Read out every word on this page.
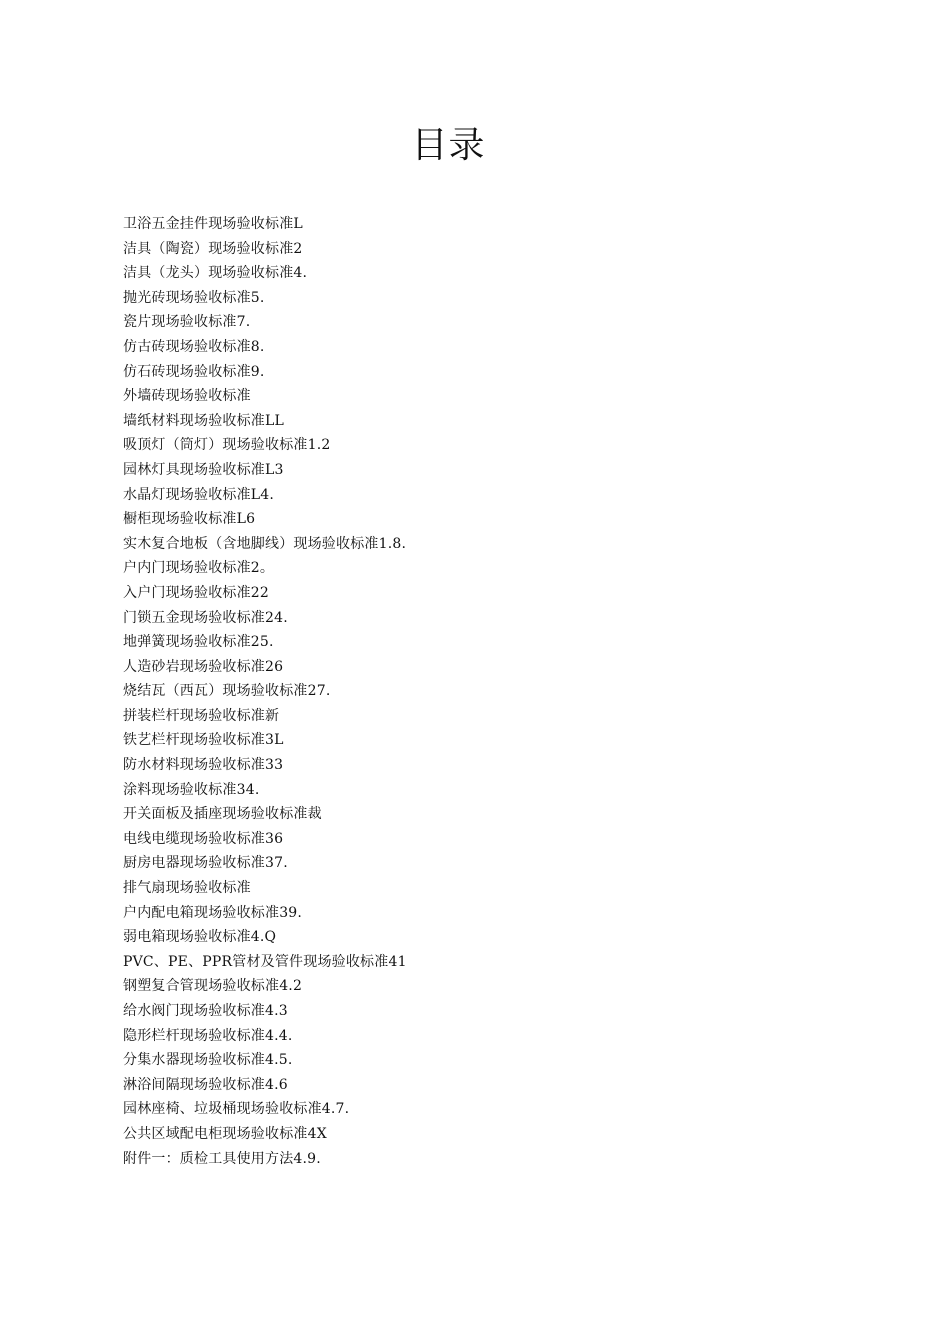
目录
卫浴五金挂件现场验收标准L
洁具（陶瓷）现场验收标准2
洁具（龙头）现场验收标准4.
抛光砖现场验收标准5.
瓷片现场验收标准7.
仿古砖现场验收标准8.
仿石砖现场验收标准9.
外墙砖现场验收标准
墙纸材料现场验收标准LL
吸顶灯（筒灯）现场验收标准1.2
园林灯具现场验收标准L3
水晶灯现场验收标准L4.
橱柜现场验收标准L6
实木复合地板（含地脚线）现场验收标准1.8.
户内门现场验收标准2。
入户门现场验收标准22
门锁五金现场验收标准24.
地弹簧现场验收标准25.
人造砂岩现场验收标准26
烧结瓦（西瓦）现场验收标准27.
拼装栏杆现场验收标准新
铁艺栏杆现场验收标准3L
防水材料现场验收标准33
涂料现场验收标准34.
开关面板及插座现场验收标准裁
电线电缆现场验收标准36
厨房电器现场验收标准37.
排气扇现场验收标准
户内配电箱现场验收标准39.
弱电箱现场验收标准4.Q
PVC、PE、PPR管材及管件现场验收标准41
钢塑复合管现场验收标准4.2
给水阀门现场验收标准4.3
隐形栏杆现场验收标准4.4.
分集水器现场验收标准4.5.
淋浴间隔现场验收标准4.6
园林座椅、垃圾桶现场验收标准4.7.
公共区域配电柜现场验收标准4X
附件一：质检工具使用方法4.9.
